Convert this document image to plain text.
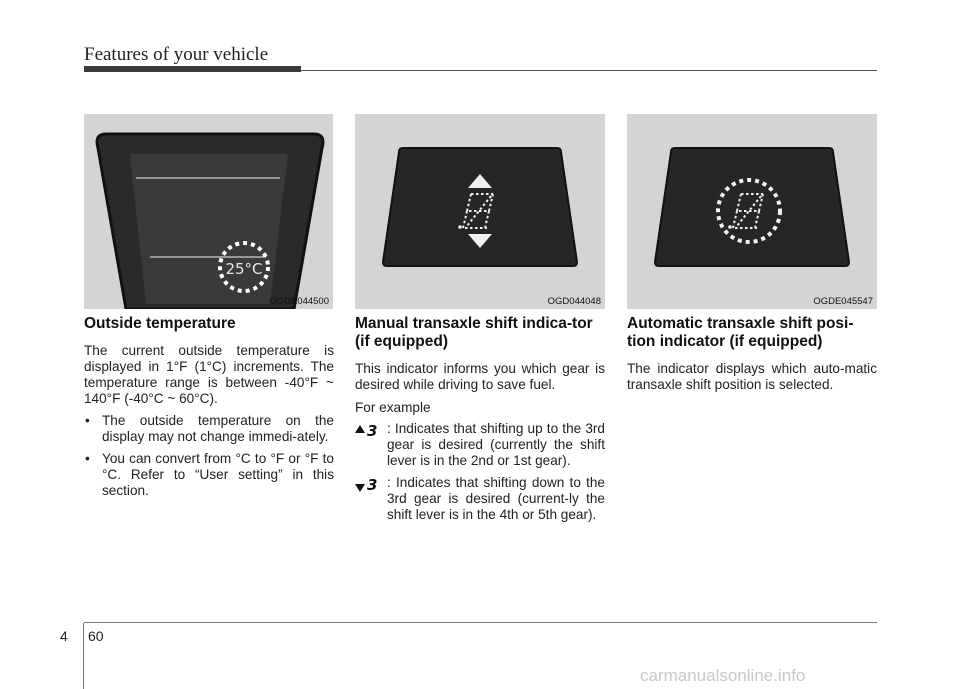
Features of your vehicle
25°C
OGDE044500	OGD044048	OGDE045547
Outside temperature

The current outside temperature is displayed in 1°F (1°C) increments. The temperature range is between -40°F ~ 140°F (-40°C ~ 60°C).

• The outside temperature on the display may not change immedi-ately.
• You can convert from °C to °F or °F to °C. Refer to “User setting” in this section.
Manual transaxle shift indica-tor (if equipped)

This indicator informs you which gear is desired while driving to save fuel.

For example

3 : Indicates that shifting up to the 3rd gear is desired (currently the shift lever is in the 2nd or 1st gear).
3 : Indicates that shifting down to the 3rd gear is desired (current-ly the shift lever is in the 4th or 5th gear).
Automatic transaxle shift posi-tion indicator (if equipped)

The indicator displays which auto-matic transaxle shift position is selected.

4 60
carmanualsonline.info
